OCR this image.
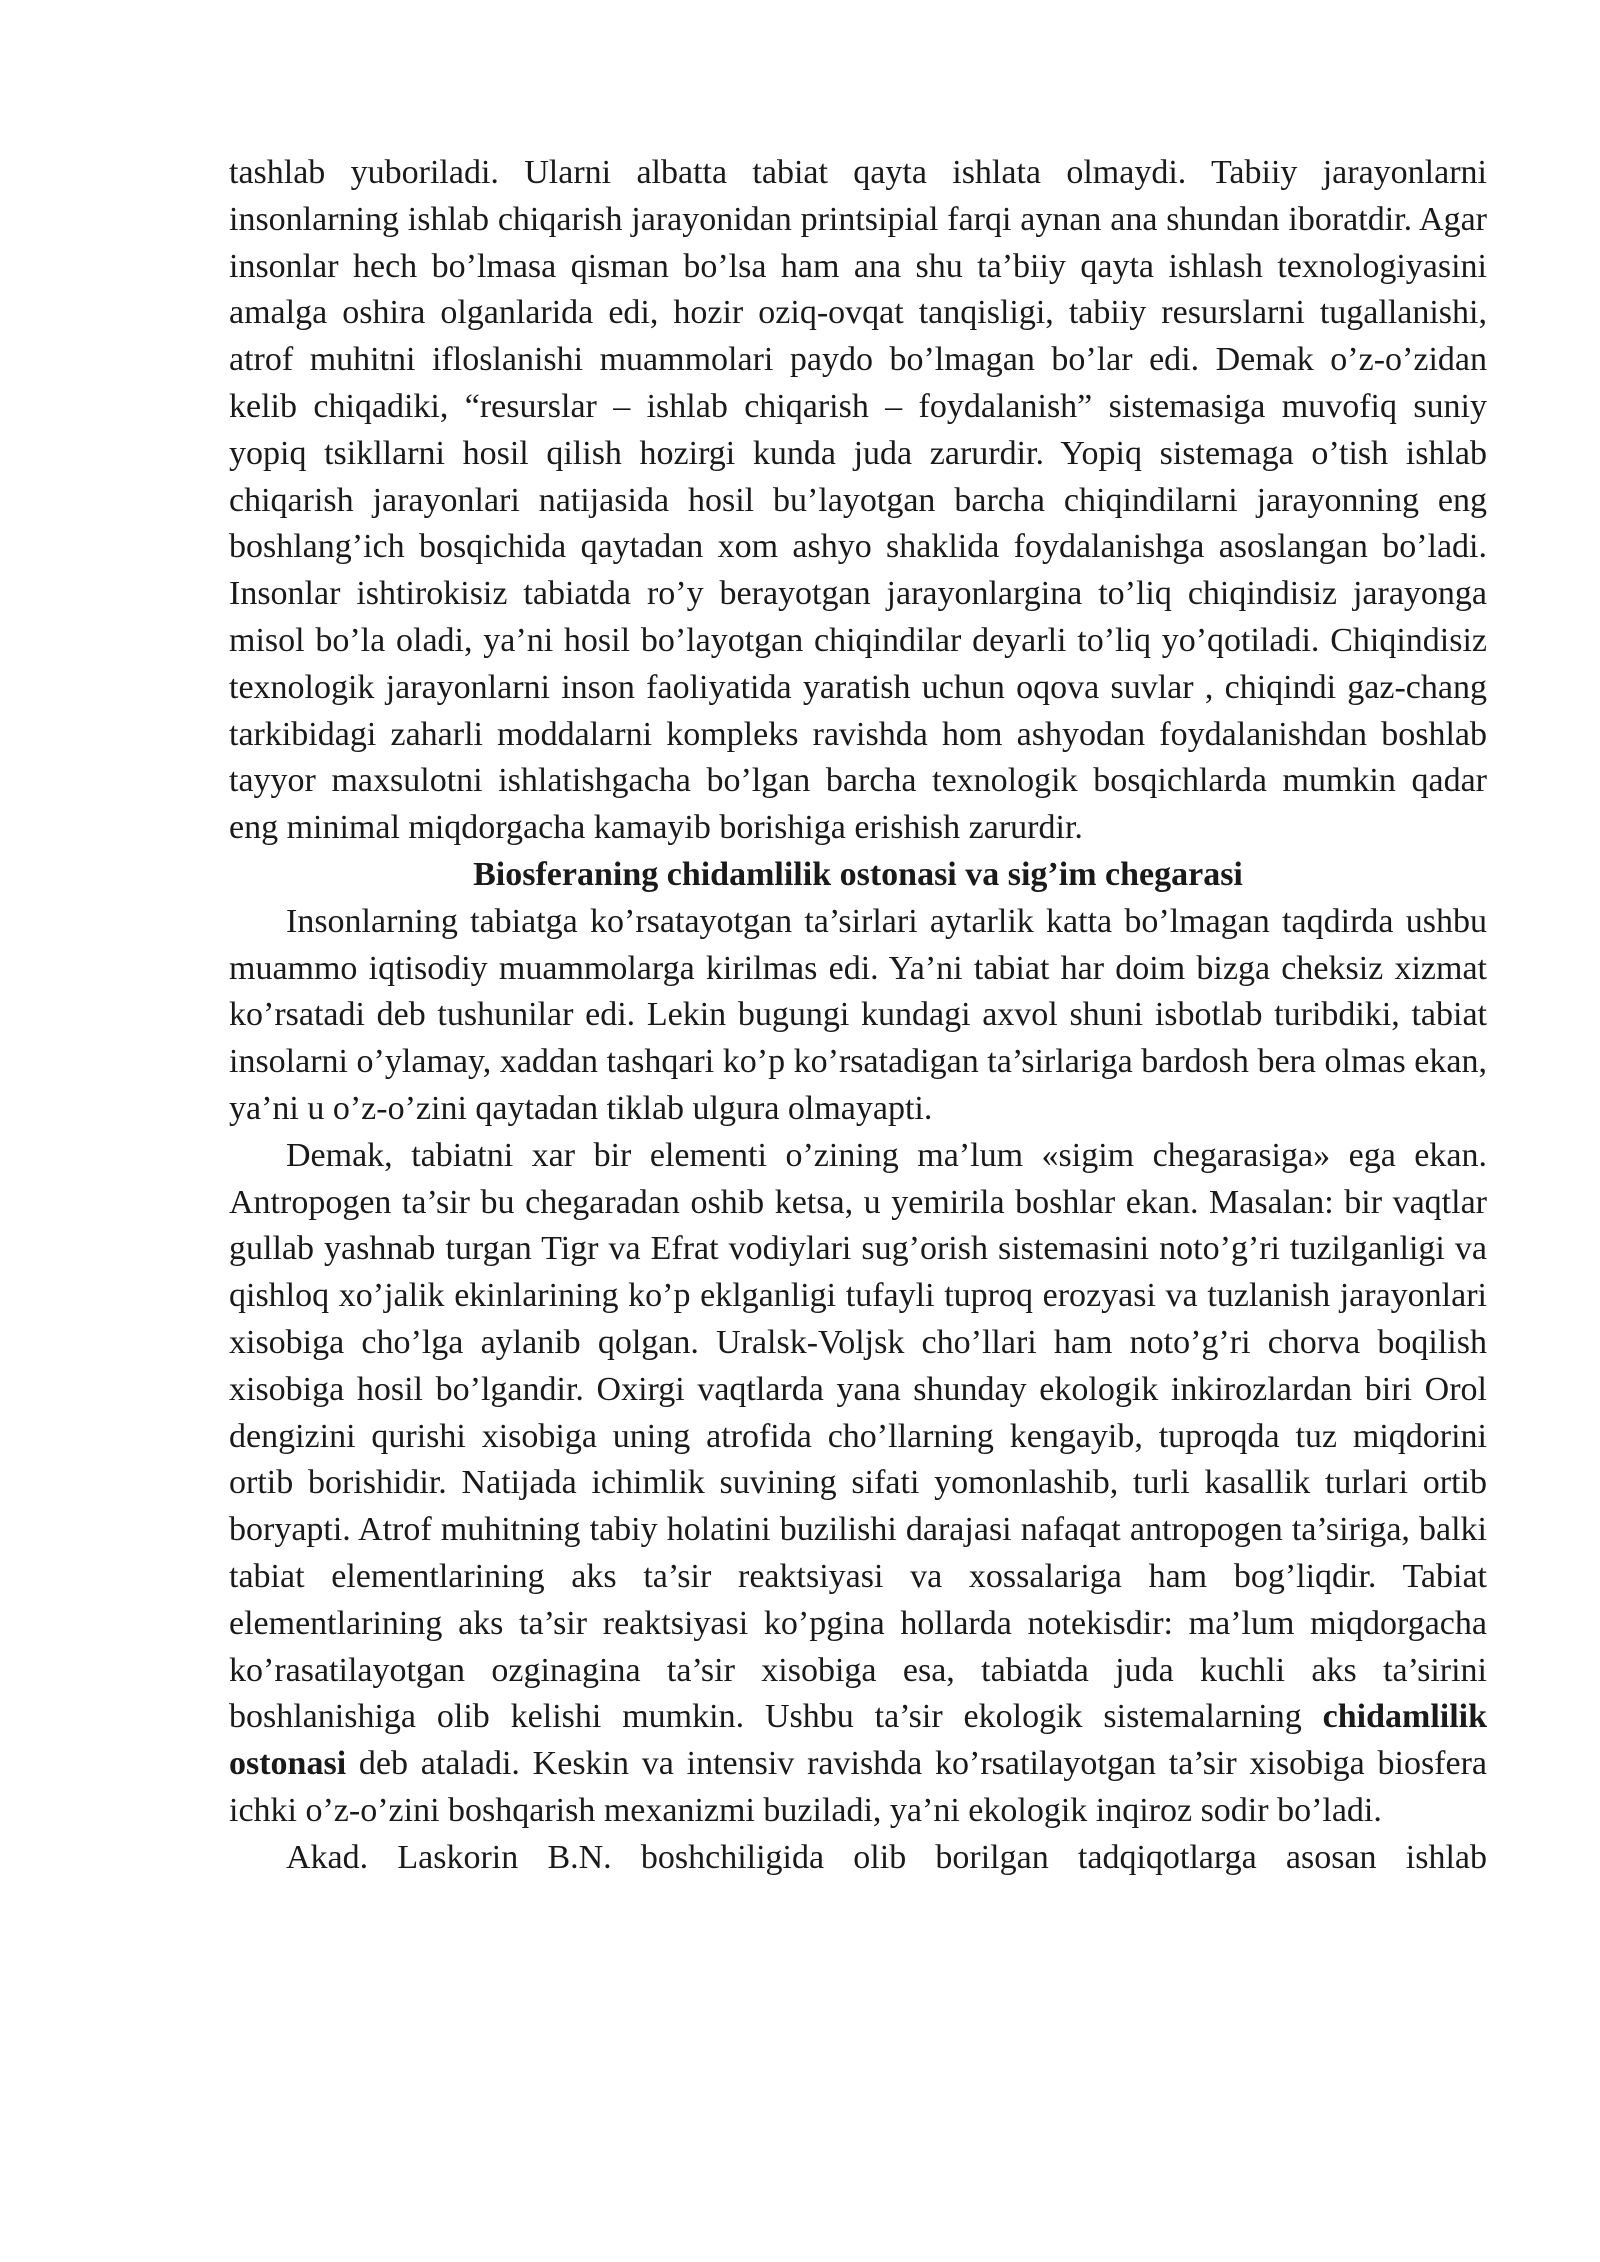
tashlab yuboriladi. Ularni albatta tabiat qayta ishlata olmaydi. Tabiiy jarayonlarni insonlarning ishlab chiqarish jarayonidan printsipial farqi aynan ana shundan iboratdir. Agar insonlar hech bo’lmasa qisman bo’lsa ham ana shu ta’biiy qayta ishlash texnologiyasini amalga oshira olganlarida edi, hozir oziq-ovqat tanqisligi, tabiiy resurslarni tugallanishi, atrof muhitni ifloslanishi muammolari paydo bo’lmagan bo’lar edi. Demak o’z-o’zidan kelib chiqadiki, “resurslar – ishlab chiqarish – foydalanish” sistemasiga muvofiq suniy yopiq tsikllarni hosil qilish hozirgi kunda juda zarurdir. Yopiq sistemaga o’tish ishlab chiqarish jarayonlari natijasida hosil bu’layotgan barcha chiqindilarni jarayonning eng boshlang’ich bosqichida qaytadan xom ashyo shaklida foydalanishga asoslangan bo’ladi. Insonlar ishtirokisiz tabiatda ro’y berayotgan jarayonlargina to’liq chiqindisiz jarayonga misol bo’la oladi, ya’ni hosil bo’layotgan chiqindilar deyarli to’liq yo’qotiladi. Chiqindisiz texnologik jarayonlarni inson faoliyatida yaratish uchun oqova suvlar , chiqindi gaz-chang tarkibidagi zaharli moddalarni kompleks ravishda hom ashyodan foydalanishdan boshlab tayyor maxsulotni ishlatishgacha bo’lgan barcha texnologik bosqichlarda mumkin qadar eng minimal miqdorgacha kamayib borishiga erishish zarurdir.

Biosferaning chidamlilik ostonasi va sig’im chegarasi

Insonlarning tabiatga ko’rsatayotgan ta’sirlari aytarlik katta bo’lmagan taqdirda ushbu muammo iqtisodiy muammolarga kirilmas edi. Ya’ni tabiat har doim bizga cheksiz xizmat ko’rsatadi deb tushunilar edi. Lekin bugungi kundagi axvol shuni isbotlab turibdiki, tabiat insolarni o’ylamay, xaddan tashqari ko’p ko’rsatadigan ta’sirlariga bardosh bera olmas ekan, ya’ni u o’z-o’zini qaytadan tiklab ulgura olmayapti.

Demak, tabiatni xar bir elementi o’zining ma’lum «sigim chegarasiga» ega ekan. Antropogen ta’sir bu chegaradan oshib ketsa, u yemirila boshlar ekan. Masalan: bir vaqtlar gullab yashnab turgan Tigr va Efrat vodiylari sug’orish sistemasini noto’g’ri tuzilganligi va qishloq xo’jalik ekinlarining ko’p eklganligi tufayli tuproq erozyasi va tuzlanish jarayonlari xisobiga cho’lga aylanib qolgan. Uralsk-Voljsk cho’llari ham noto’g’ri chorva boqilish xisobiga hosil bo’lgandir. Oxirgi vaqtlarda yana shunday ekologik inkirozlardan biri Orol dengizini qurishi xisobiga uning atrofida cho’llarning kengayib, tuproqda tuz miqdorini ortib borishidir. Natijada ichimlik suvining sifati yomonlashib, turli kasallik turlari ortib boryapti. Atrof muhitning tabiy holatini buzilishi darajasi nafaqat antropogen ta’siriga, balki tabiat elementlarining aks ta’sir reaktsiyasi va xossalariga ham bog’liqdir. Tabiat elementlarining aks ta’sir reaktsiyasi ko’pgina hollarda notekisdir: ma’lum miqdorgacha ko’rasatilayotgan ozginagina ta’sir xisobiga esa, tabiatda juda kuchli aks ta’sirini boshlanishiga olib kelishi mumkin. Ushbu ta’sir ekologik sistemalarning chidamlilik ostonasi deb ataladi. Keskin va intensiv ravishda ko’rsatilayotgan ta’sir xisobiga biosfera ichki o’z-o’zini boshqarish mexanizmi buziladi, ya’ni ekologik inqiroz sodir bo’ladi.

Akad. Laskorin B.N. boshchiligida olib borilgan tadqiqotlarga asosan ishlab
